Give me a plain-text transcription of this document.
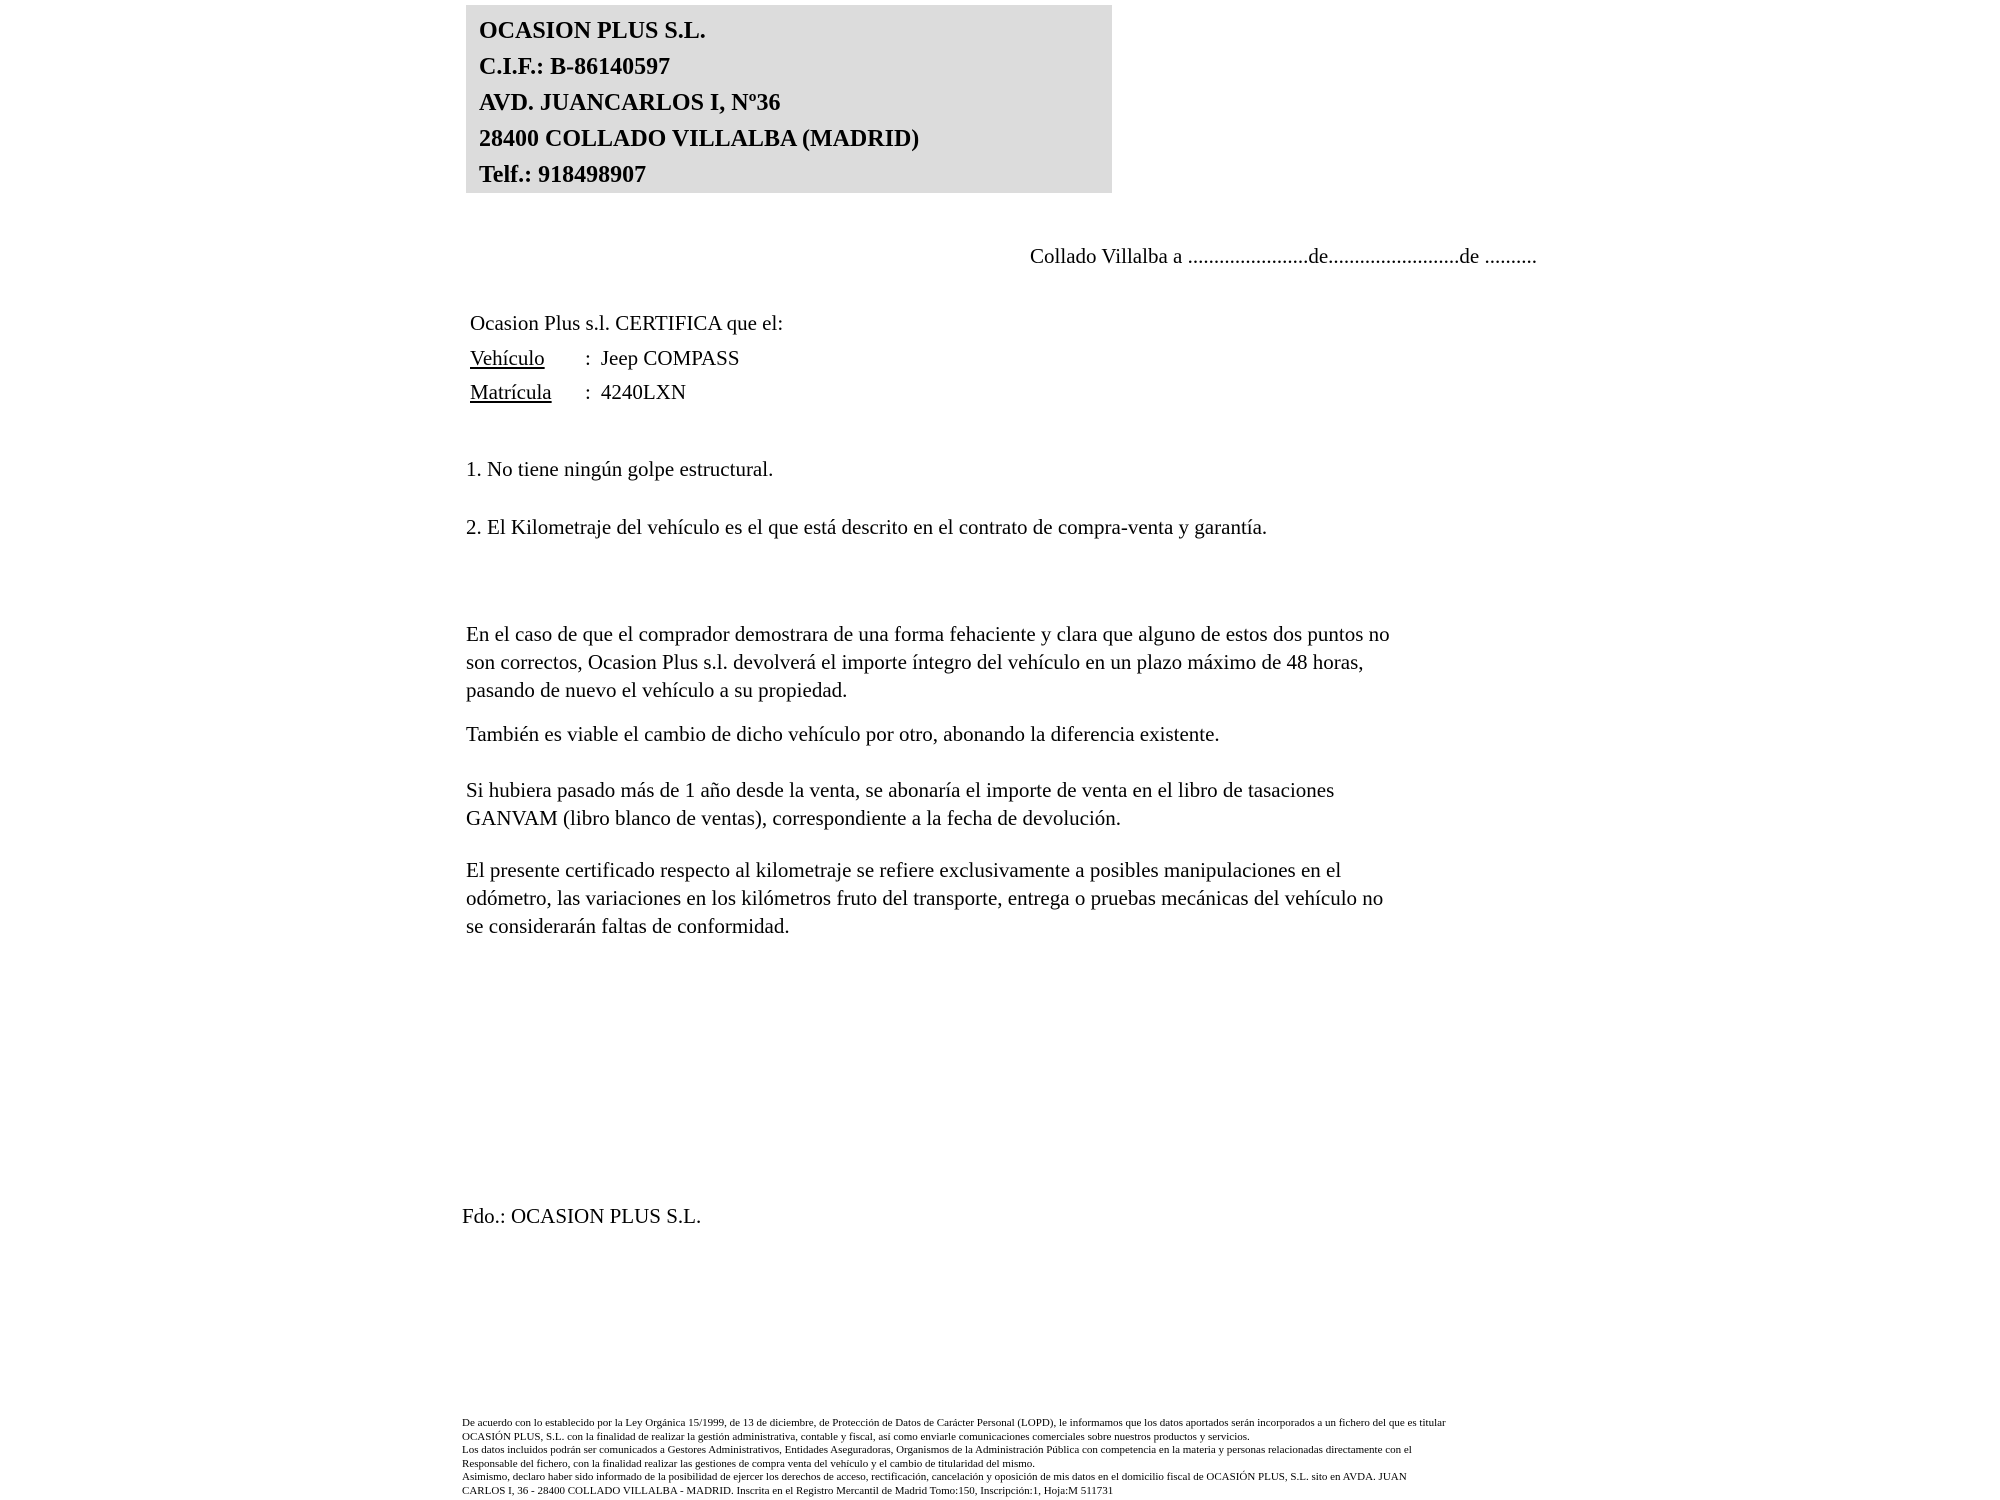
OCASION PLUS S.L.
C.I.F.: B-86140597
AVD. JUANCARLOS I, Nº36
28400 COLLADO VILLALBA (MADRID)
Telf.: 918498907
Collado Villalba a .......................de.........................de ..........
Ocasion Plus s.l. CERTIFICA que el:
Vehículo : Jeep COMPASS
Matrícula : 4240LXN
1. No tiene ningún golpe estructural.
2. El Kilometraje del vehículo es el que está descrito en el contrato de compra-venta y garantía.
En el caso de que el comprador demostrara de una forma fehaciente y clara que alguno de estos dos puntos no
son correctos, Ocasion Plus s.l. devolverá el importe íntegro del vehículo en un plazo máximo de 48 horas,
pasando de nuevo el vehículo a su propiedad.
También es viable el cambio de dicho vehículo por otro, abonando la diferencia existente.
Si hubiera pasado más de 1 año desde la venta, se abonaría el importe de venta en el libro de tasaciones
GANVAM (libro blanco de ventas), correspondiente a la fecha de devolución.
El presente certificado respecto al kilometraje se refiere exclusivamente a posibles manipulaciones en el
odómetro, las variaciones en los kilómetros fruto del transporte, entrega o pruebas mecánicas del vehículo no
se considerarán faltas de conformidad.
Fdo.: OCASION PLUS S.L.
De acuerdo con lo establecido por la Ley Orgánica 15/1999, de 13 de diciembre, de Protección de Datos de Carácter Personal (LOPD), le informamos que los datos aportados serán incorporados a un fichero del que es titular
OCASIÓN PLUS, S.L. con la finalidad de realizar la gestión administrativa, contable y fiscal, así como enviarle comunicaciones comerciales sobre nuestros productos y servicios.
Los datos incluidos podrán ser comunicados a Gestores Administrativos, Entidades Aseguradoras, Organismos de la Administración Pública con competencia en la materia y personas relacionadas directamente con el
Responsable del fichero, con la finalidad realizar las gestiones de compra venta del vehículo y el cambio de titularidad del mismo.
Asimismo, declaro haber sido informado de la posibilidad de ejercer los derechos de acceso, rectificación, cancelación y oposición de mis datos en el domicilio fiscal de OCASIÓN PLUS, S.L. sito en AVDA. JUAN
CARLOS I, 36 - 28400 COLLADO VILLALBA - MADRID. Inscrita en el Registro Mercantil de Madrid Tomo:150, Inscripción:1, Hoja:M 511731
